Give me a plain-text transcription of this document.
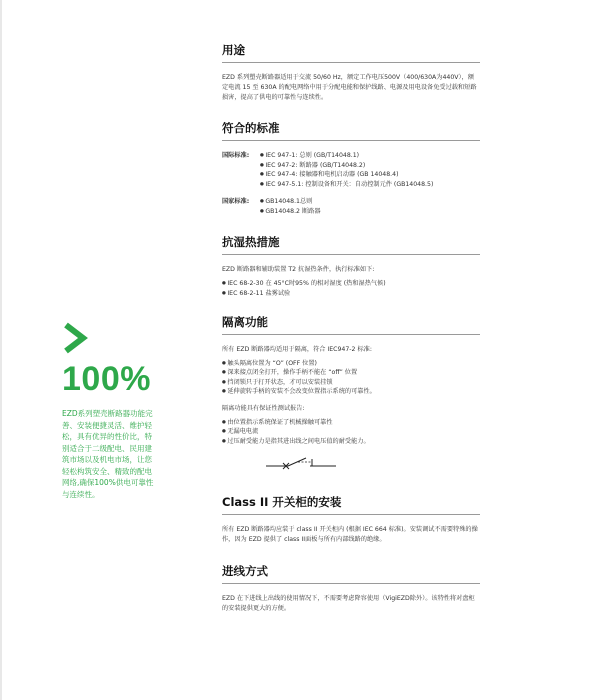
100%
EZD系列塑壳断路器功能完善、安装便捷灵活、维护轻松，具有优异的性价比，特别适合于二级配电、民用建筑市场以及机电市场，让您轻松构筑安全、精致的配电网络,确保100%供电可靠性与连续性。
用途

EZD 系列塑壳断路器适用于交流 50/60 Hz，额定工作电压500V（400/630A为440V），额定电流 15 至 630A 的配电网络中用于分配电能和保护线路、电源及用电设备免受过载和短路损害，提高了供电的可靠性与连续性。

符合的标准
国际标准:	● IEC 947-1: 总则 (GB/T14048.1)
● IEC 947-2: 断路器 (GB/T14048.2)
● IEC 947-4: 接触器和电机启动器 (GB 14048.4)
● IEC 947-5.1: 控制设备和开关：自动控制元件 (GB14048.5)
国家标准:	● GB14048.1总则
● GB14048.2 断路器
抗湿热措施

EZD 断路器和辅助装置 T2 抗湿热条件，执行标准如下:

● IEC 68-2-30 在 45°C时95% 的相对湿度 (热和湿热气候)
● IEC 68-2-11 盐雾试验
隔离功能

所有 EZD 断路器均适用于隔离，符合 IEC947-2 标准:

● 触头隔离位置为 “O” (OFF 位置)
● 深来接点闭全打开，操作手柄不能在 “off” 位置
● 挡闭锁只于打开状态，才可以安装挂锁
● 延伸旋转手柄的安装不会改变位置指示系统的可靠性。

隔离功能具有保证性测试报告:

● 由位置指示系统保证了机械操触可靠性
● 无漏电电流
● 过压耐受能力是指其进出线之间电压值的耐受能力。
Class II 开关柜的安装

所有 EZD 断路器均应装于 class II 开关柜内 (根据 IEC 664 标准)。安装调试不需要特殊的操作，因为 EZD 提供了 class II面板与所有内部线路的绝缘。

进线方式

EZD 在下进线上出线的使用情况下，不需要考虑降容使用（VigiEZD除外）。该特性将对盘柜的安装提供更大的方便。
